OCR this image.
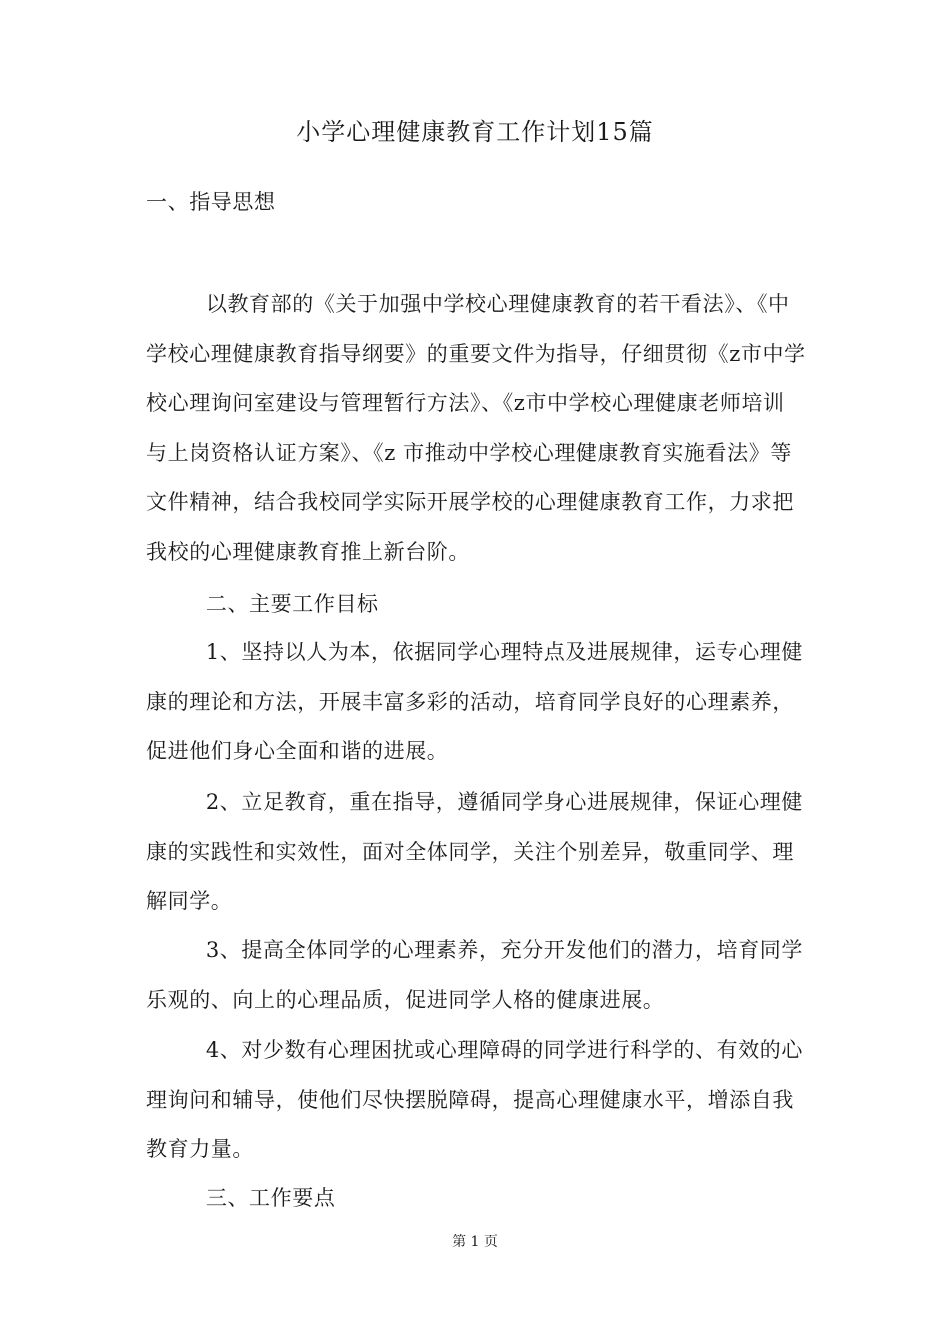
小学心理健康教育工作计划15篇
一、指导思想
以教育部的《关于加强中学校心理健康教育的若干看法》、《中学校心理健康教育指导纲要》的重要文件为指导，仔细贯彻《z市中学校心理询问室建设与管理暂行方法》、《z市中学校心理健康老师培训与上岗资格认证方案》、《z 市推动中学校心理健康教育实施看法》等文件精神，结合我校同学实际开展学校的心理健康教育工作，力求把我校的心理健康教育推上新台阶。
二、主要工作目标
1、坚持以人为本，依据同学心理特点及进展规律，运专心理健康的理论和方法，开展丰富多彩的活动，培育同学良好的心理素养，促进他们身心全面和谐的进展。
2、立足教育，重在指导，遵循同学身心进展规律，保证心理健康的实践性和实效性，面对全体同学，关注个别差异，敬重同学、理解同学。
3、提高全体同学的心理素养，充分开发他们的潜力，培育同学乐观的、向上的心理品质，促进同学人格的健康进展。
4、对少数有心理困扰或心理障碍的同学进行科学的、有效的心理询问和辅导，使他们尽快摆脱障碍，提高心理健康水平，增添自我教育力量。
三、工作要点
第 1 页
